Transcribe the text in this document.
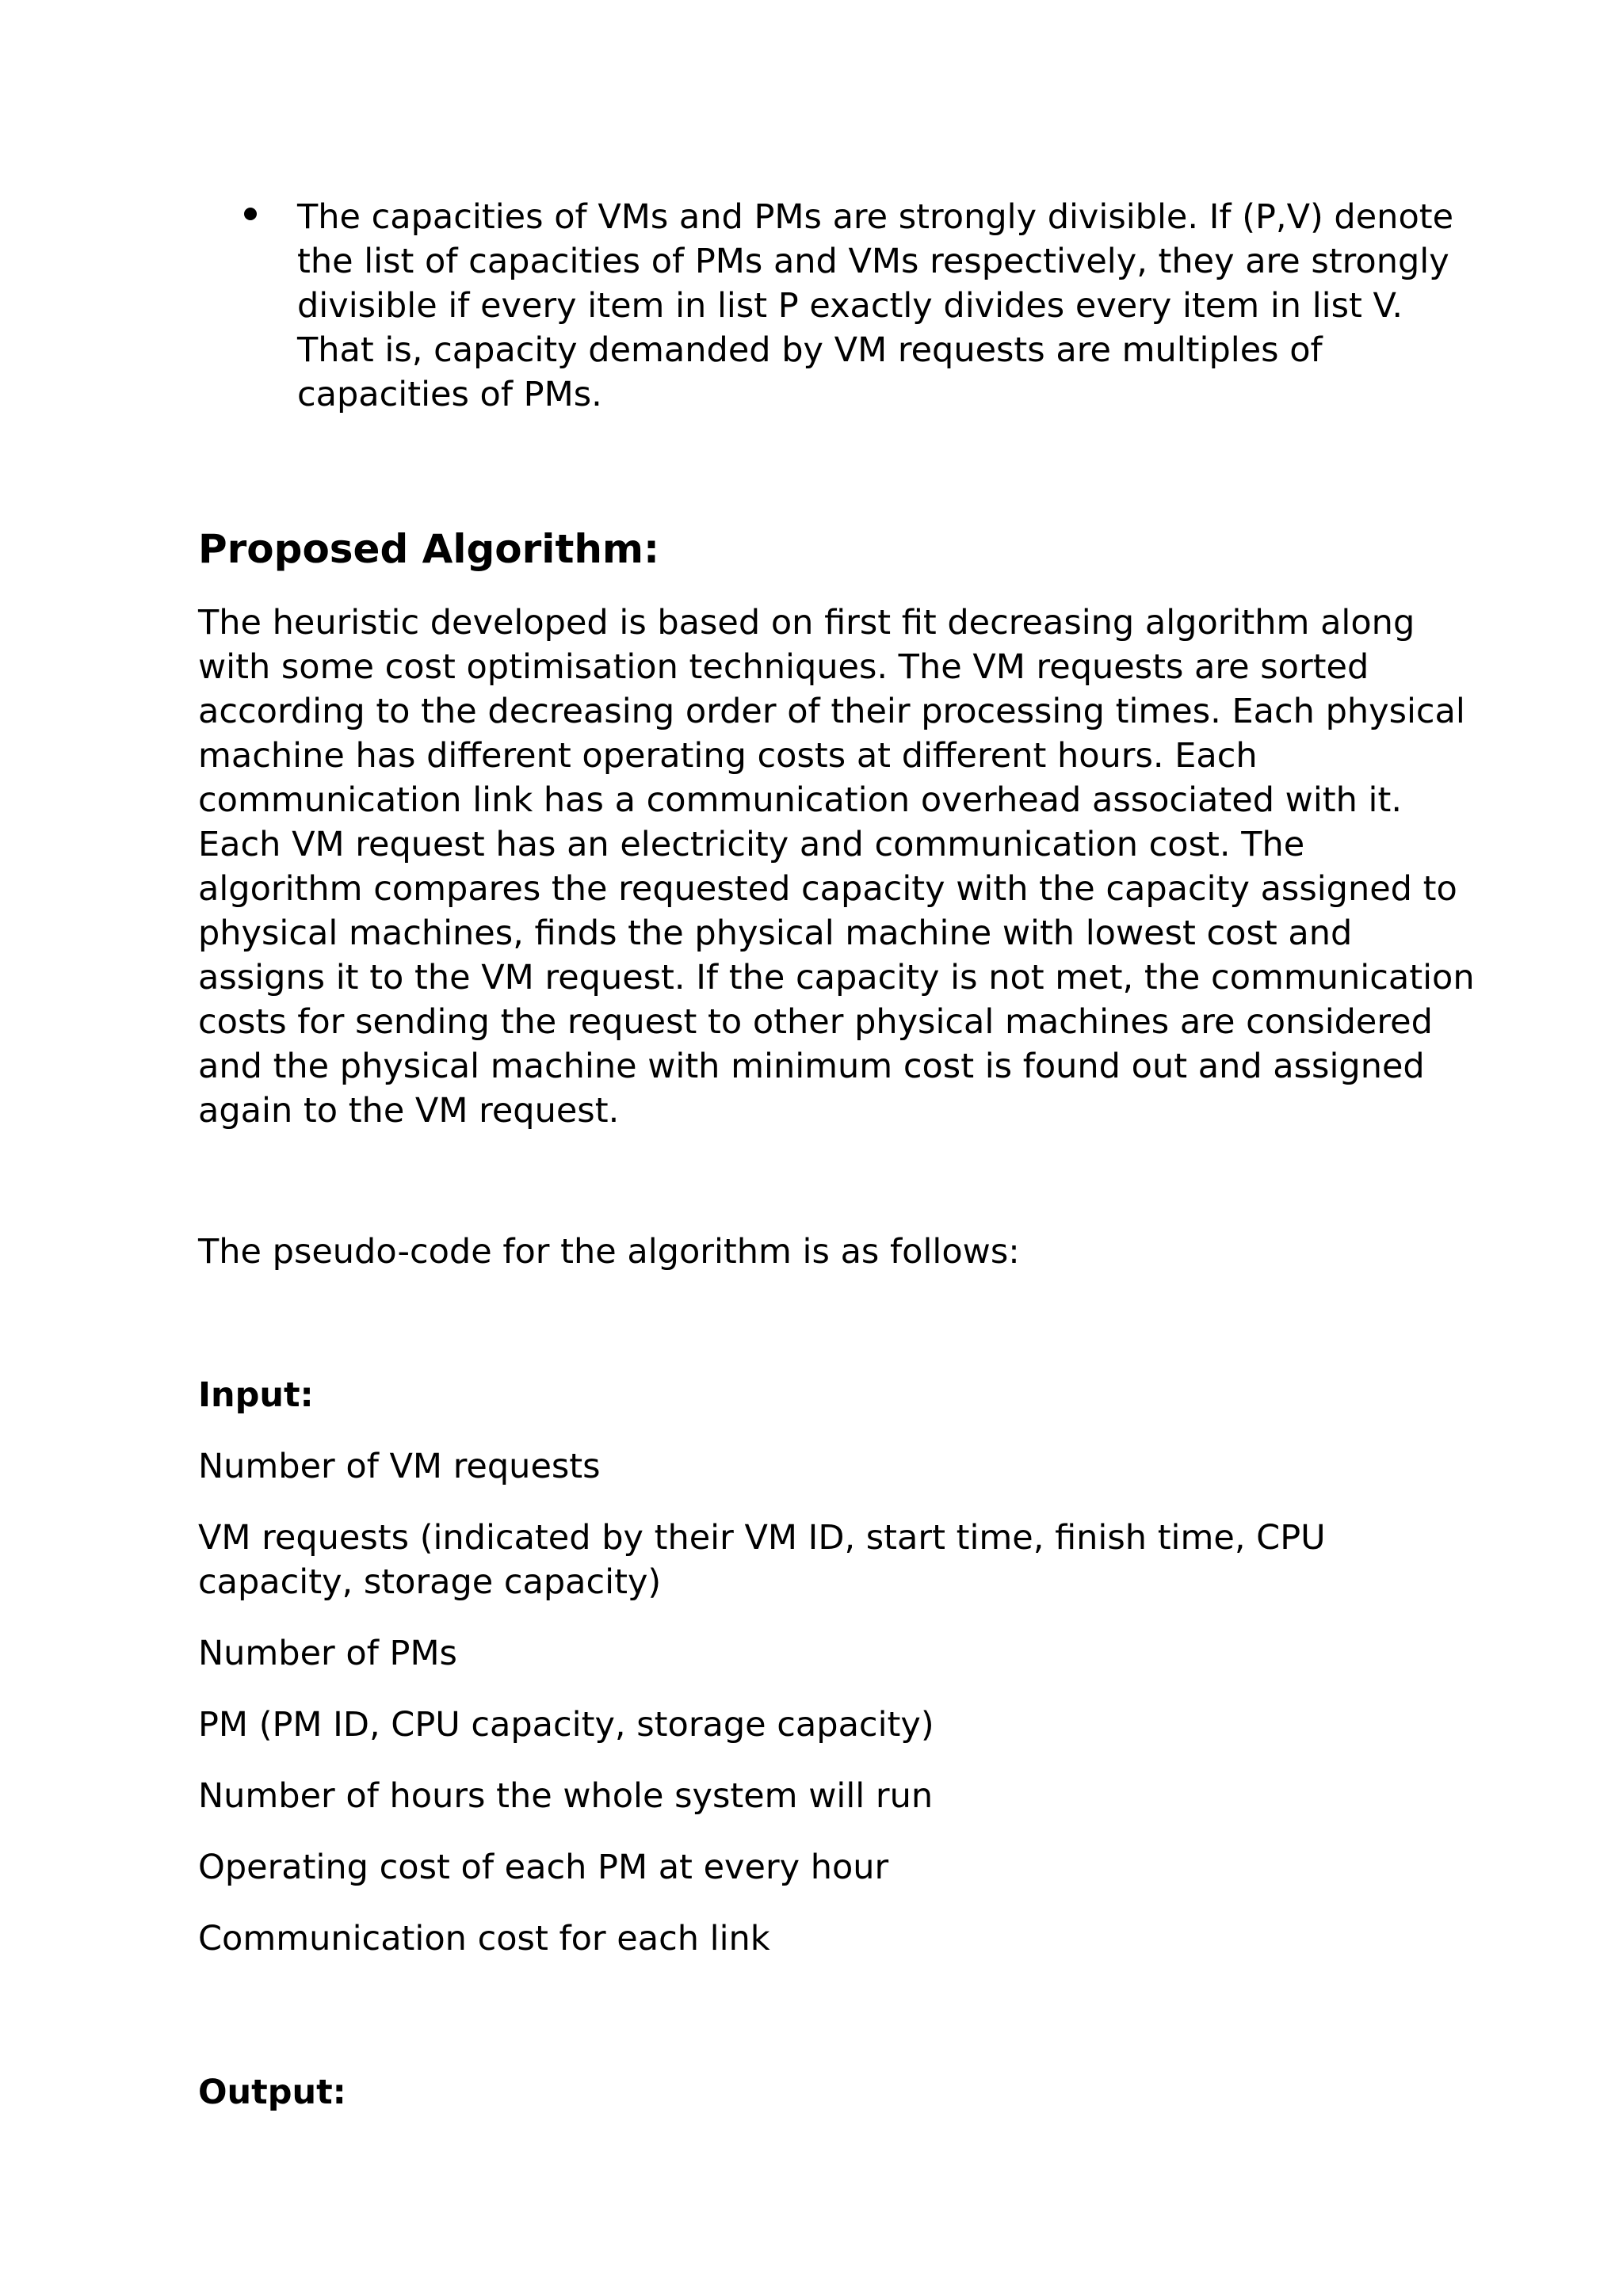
The capacities of VMs and PMs are strongly divisible. If (P,V) denote
the list of capacities of PMs and VMs respectively, they are strongly
divisible if every item in list P exactly divides every item in list V.
That is, capacity demanded by VM requests are multiples of
capacities of PMs.

Proposed Algorithm:

The heuristic developed is based on first fit decreasing algorithm along
with some cost optimisation techniques. The VM requests are sorted
according to the decreasing order of their processing times. Each physical
machine has different operating costs at different hours. Each
communication link has a communication overhead associated with it.
Each VM request has an electricity and communication cost. The
algorithm compares the requested capacity with the capacity assigned to
physical machines, finds the physical machine with lowest cost and
assigns it to the VM request. If the capacity is not met, the communication
costs for sending the request to other physical machines are considered
and the physical machine with minimum cost is found out and assigned
again to the VM request.

The pseudo-code for the algorithm is as follows:

Input:

Number of VM requests
VM requests (indicated by their VM ID, start time, finish time, CPU
capacity, storage capacity)
Number of PMs
PM (PM ID, CPU capacity, storage capacity)
Number of hours the whole system will run
Operating cost of each PM at every hour
Communication cost for each link

Output:
